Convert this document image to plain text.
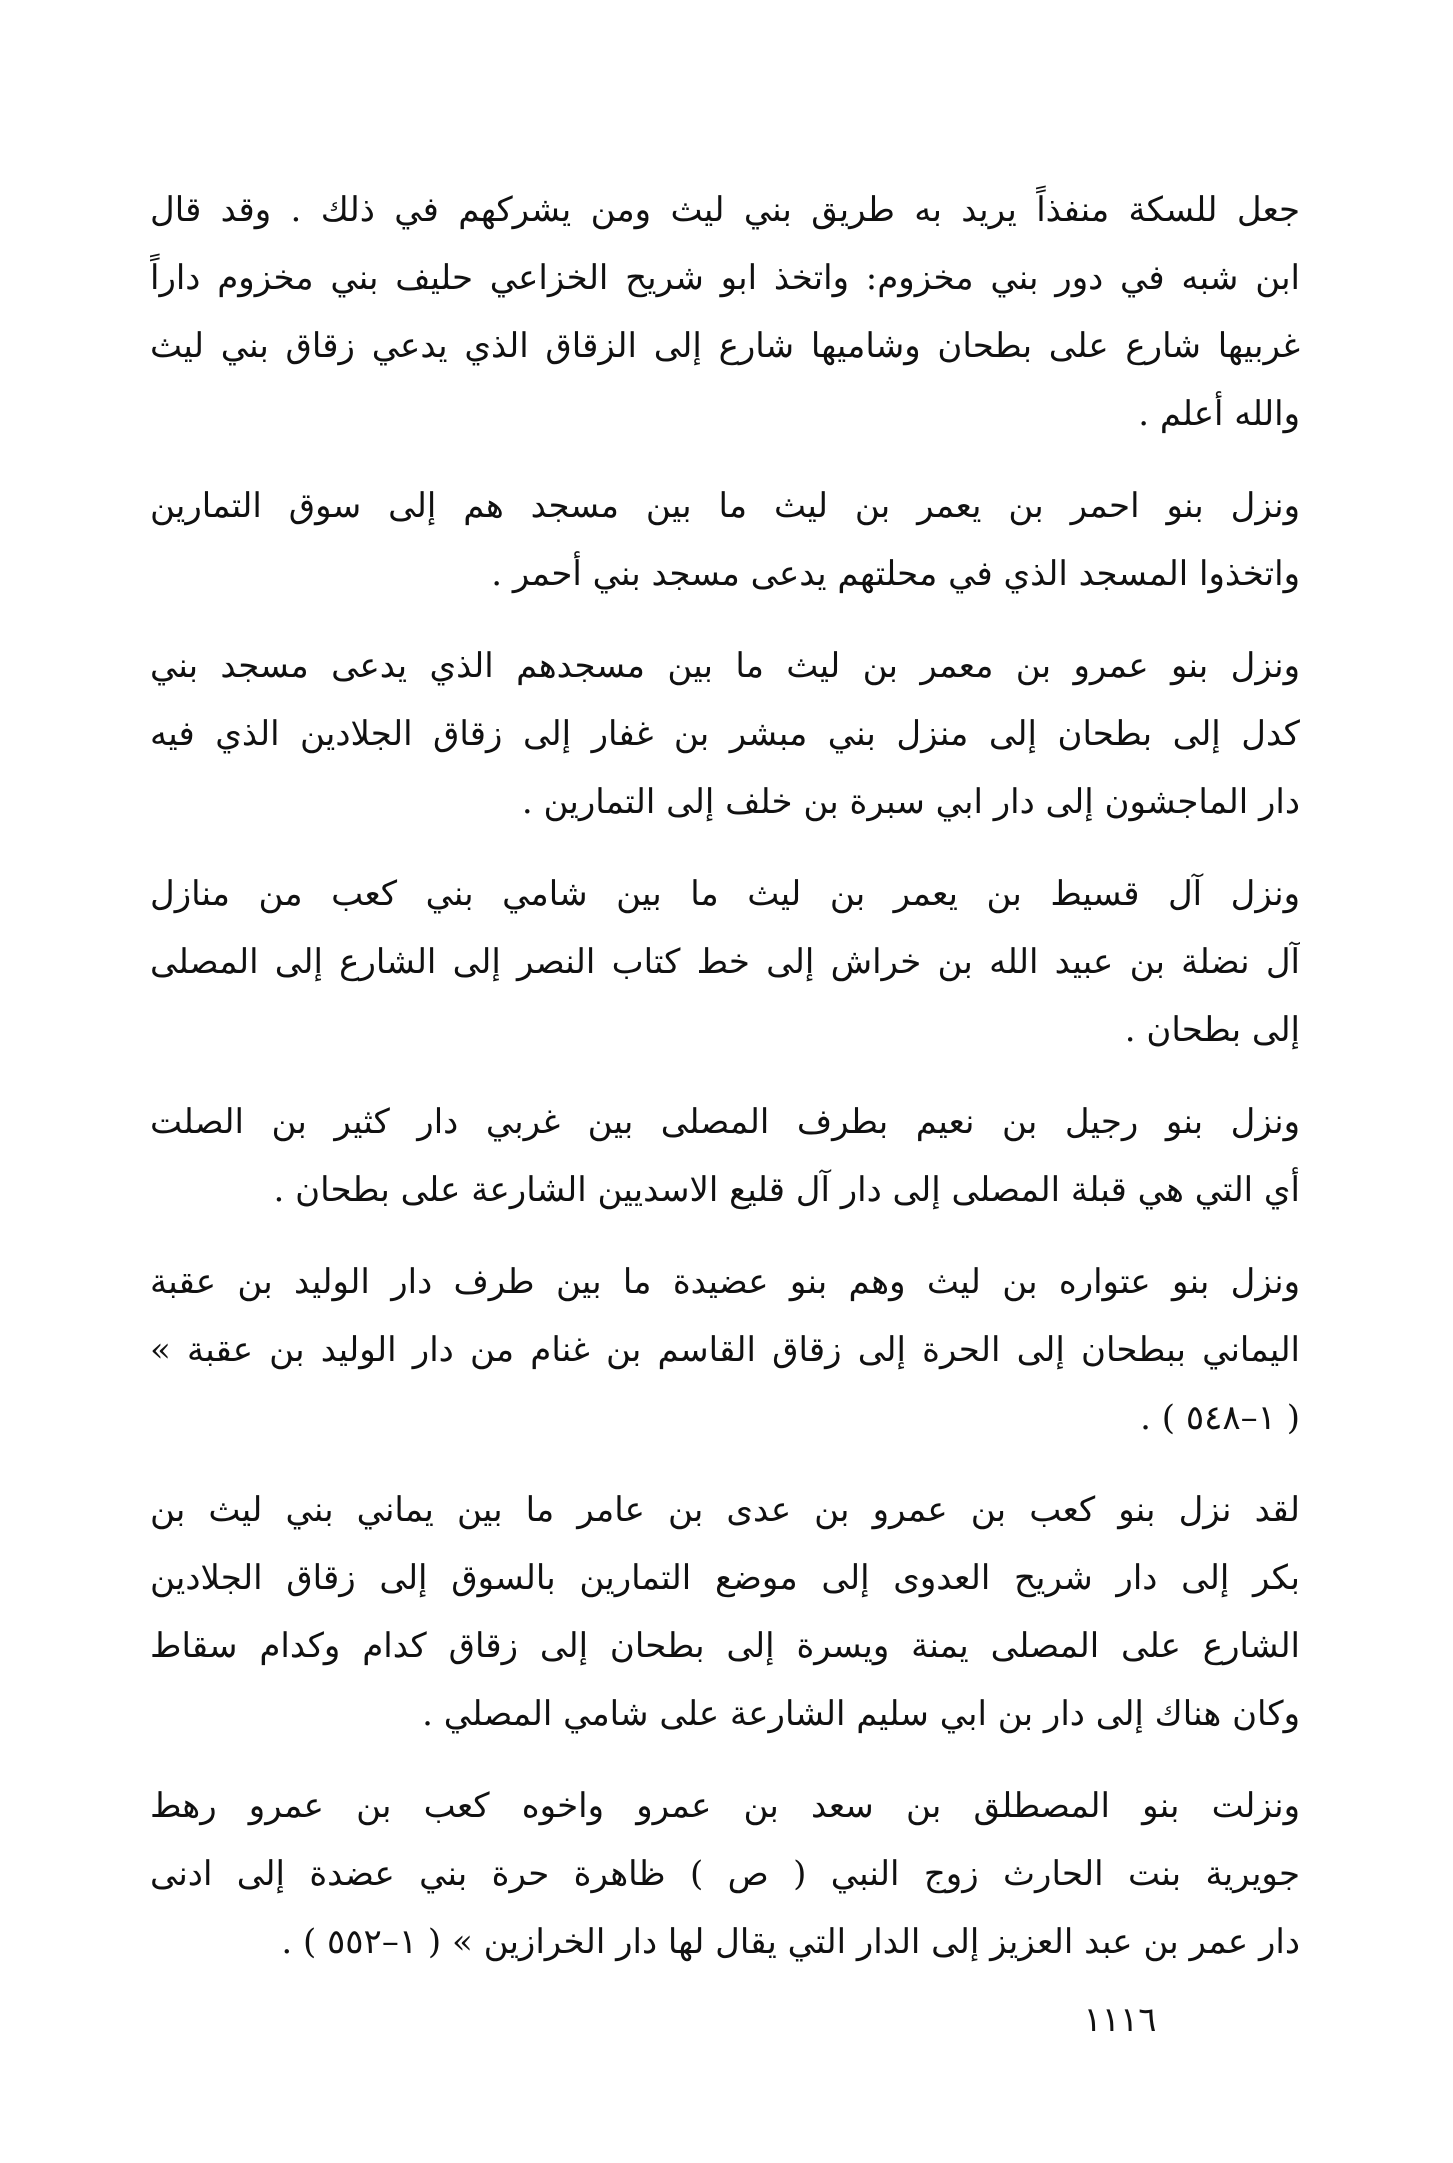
جعل للسكة منفذاً يريد به طريق بني ليث ومن يشركهم في ذلك . وقد قال
ابن شبه في دور بني مخزوم: واتخذ ابو شريح الخزاعي حليف بني مخزوم داراً
غربيها شارع على بطحان وشاميها شارع إلى الزقاق الذي يدعي زقاق بني ليث
والله أعلم .

ونزل بنو احمر بن يعمر بن ليث ما بين مسجد هم إلى سوق التمارين
واتخذوا المسجد الذي في محلتهم يدعى مسجد بني أحمر .

ونزل بنو عمرو بن معمر بن ليث ما بين مسجدهم الذي يدعى مسجد بني
كدل إلى بطحان إلى منزل بني مبشر بن غفار إلى زقاق الجلادين الذي فيه
دار الماجشون إلى دار ابي سبرة بن خلف إلى التمارين .

ونزل آل قسيط بن يعمر بن ليث ما بين شامي بني كعب من منازل
آل نضلة بن عبيد الله بن خراش إلى خط كتاب النصر إلى الشارع إلى المصلى
إلى بطحان .

ونزل بنو رجيل بن نعيم بطرف المصلى بين غربي دار كثير بن الصلت
أي التي هي قبلة المصلى إلى دار آل قليع الاسديين الشارعة على بطحان .

ونزل بنو عتواره بن ليث وهم بنو عضيدة ما بين طرف دار الوليد بن عقبة
اليماني ببطحان إلى الحرة إلى زقاق القاسم بن غنام من دار الوليد بن عقبة »
( ١–٥٤٨ ) .

لقد نزل بنو كعب بن عمرو بن عدى بن عامر ما بين يماني بني ليث بن
بكر إلى دار شريح العدوى إلى موضع التمارين بالسوق إلى زقاق الجلادين
الشارع على المصلى يمنة ويسرة إلى بطحان إلى زقاق كدام وكدام سقاط
وكان هناك إلى دار بن ابي سليم الشارعة على شامي المصلي .

ونزلت بنو المصطلق بن سعد بن عمرو واخوه كعب بن عمرو رهط
جويرية بنت الحارث زوج النبي ( ص ) ظاهرة حرة بني عضدة إلى ادنى
دار عمر بن عبد العزيز إلى الدار التي يقال لها دار الخرازين » ( ١–٥٥٢ ) .

١١١٦
